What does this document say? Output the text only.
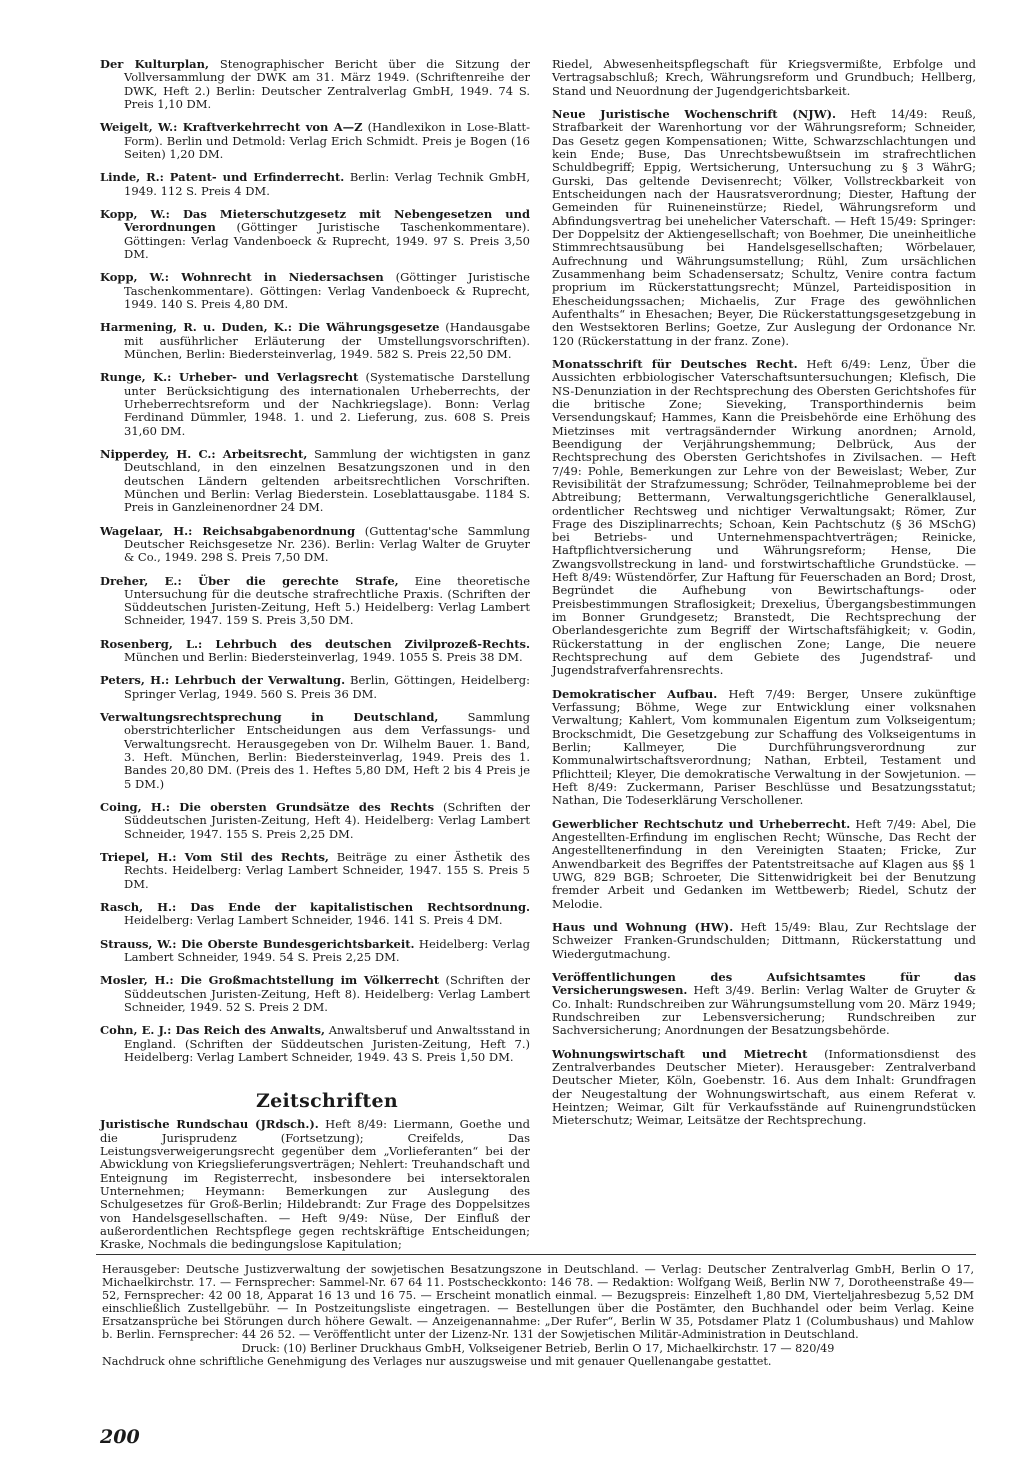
Der Kulturplan, Stenographischer Bericht über die Sitzung der Vollversammlung der DWK am 31. März 1949. (Schriftenreihe der DWK, Heft 2.) Berlin: Deutscher Zentralverlag GmbH, 1949. 74 S. Preis 1,10 DM.

Weigelt, W.: Kraftverkehrrecht von A—Z (Handlexikon in Lose-Blatt-Form). Berlin und Detmold: Verlag Erich Schmidt. Preis je Bogen (16 Seiten) 1,20 DM.

Linde, R.: Patent- und Erfinderrecht. Berlin: Verlag Technik GmbH, 1949. 112 S. Preis 4 DM.

Kopp, W.: Das Mieterschutzgesetz mit Nebengesetzen und Verordnungen (Göttinger Juristische Taschenkommentare). Göttingen: Verlag Vandenboeck & Ruprecht, 1949. 97 S. Preis 3,50 DM.

Kopp, W.: Wohnrecht in Niedersachsen (Göttinger Juristische Taschenkommentare). Göttingen: Verlag Vandenboeck & Ruprecht, 1949. 140 S. Preis 4,80 DM.

Harmening, R. u. Duden, K.: Die Währungsgesetze (Handausgabe mit ausführlicher Erläuterung der Umstellungsvorschriften). München, Berlin: Biedersteinverlag, 1949. 582 S. Preis 22,50 DM.

Runge, K.: Urheber- und Verlagsrecht (Systematische Darstellung unter Berücksichtigung des internationalen Urheberrechts, der Urheberrechtsreform und der Nachkriegslage). Bonn: Verlag Ferdinand Dümmler, 1948. 1. und 2. Lieferung, zus. 608 S. Preis 31,60 DM.

Nipperdey, H. C.: Arbeitsrecht, Sammlung der wichtigsten in ganz Deutschland, in den einzelnen Besatzungszonen und in den deutschen Ländern geltenden arbeitsrechtlichen Vorschriften. München und Berlin: Verlag Biederstein. Loseblattausgabe. 1184 S. Preis in Ganzleinenordner 24 DM.

Wagelaar, H.: Reichsabgabenordnung (Guttentag'sche Sammlung Deutscher Reichsgesetze Nr. 236). Berlin: Verlag Walter de Gruyter & Co., 1949. 298 S. Preis 7,50 DM.

Dreher, E.: Über die gerechte Strafe, Eine theoretische Untersuchung für die deutsche strafrechtliche Praxis. (Schriften der Süddeutschen Juristen-Zeitung, Heft 5.) Heidelberg: Verlag Lambert Schneider, 1947. 159 S. Preis 3,50 DM.

Rosenberg, L.: Lehrbuch des deutschen Zivilprozeß-Rechts. München und Berlin: Biedersteinverlag, 1949. 1055 S. Preis 38 DM.

Peters, H.: Lehrbuch der Verwaltung. Berlin, Göttingen, Heidelberg: Springer Verlag, 1949. 560 S. Preis 36 DM.

Verwaltungsrechtsprechung in Deutschland, Sammlung oberstrichterlicher Entscheidungen aus dem Verfassungs- und Verwaltungsrecht. Herausgegeben von Dr. Wilhelm Bauer. 1. Band, 3. Heft. München, Berlin: Biedersteinverlag, 1949. Preis des 1. Bandes 20,80 DM. (Preis des 1. Heftes 5,80 DM, Heft 2 bis 4 Preis je 5 DM.)

Coing, H.: Die obersten Grundsätze des Rechts (Schriften der Süddeutschen Juristen-Zeitung, Heft 4). Heidelberg: Verlag Lambert Schneider, 1947. 155 S. Preis 2,25 DM.

Triepel, H.: Vom Stil des Rechts, Beiträge zu einer Ästhetik des Rechts. Heidelberg: Verlag Lambert Schneider, 1947. 155 S. Preis 5 DM.

Rasch, H.: Das Ende der kapitalistischen Rechtsordnung. Heidelberg: Verlag Lambert Schneider, 1946. 141 S. Preis 4 DM.

Strauss, W.: Die Oberste Bundesgerichtsbarkeit. Heidelberg: Verlag Lambert Schneider, 1949. 54 S. Preis 2,25 DM.

Mosler, H.: Die Großmachtstellung im Völkerrecht (Schriften der Süddeutschen Juristen-Zeitung, Heft 8). Heidelberg: Verlag Lambert Schneider, 1949. 52 S. Preis 2 DM.

Cohn, E. J.: Das Reich des Anwalts, Anwaltsberuf und Anwaltsstand in England. (Schriften der Süddeutschen Juristen-Zeitung, Heft 7.) Heidelberg: Verlag Lambert Schneider, 1949. 43 S. Preis 1,50 DM.

Zeitschriften

Juristische Rundschau (JRdsch.). Heft 8/49: Liermann, Goethe und die Jurisprudenz (Fortsetzung); Creifelds, Das Leistungsverweigerungsrecht gegenüber dem „Vorlieferanten“ bei der Abwicklung von Kriegslieferungsverträgen; Nehlert: Treuhandschaft und Enteignung im Registerrecht, insbesondere bei intersektoralen Unternehmen; Heymann: Bemerkungen zur Auslegung des Schulgesetzes für Groß-Berlin; Hildebrandt: Zur Frage des Doppelsitzes von Handelsgesellschaften. — Heft 9/49: Nüse, Der Einfluß der außerordentlichen Rechtspflege gegen rechtskräftige Entscheidungen; Kraske, Nochmals die bedingungslose Kapitulation;

Riedel, Abwesenheitspflegschaft für Kriegsvermißte, Erbfolge und Vertragsabschluß; Krech, Währungsreform und Grundbuch; Hellberg, Stand und Neuordnung der Jugendgerichtsbarkeit.

Neue Juristische Wochenschrift (NJW). Heft 14/49: Reuß, Strafbarkeit der Warenhortung vor der Währungsreform; Schneider, Das Gesetz gegen Kompensationen; Witte, Schwarzschlachtungen und kein Ende; Buse, Das Unrechtsbewußtsein im strafrechtlichen Schuldbegriff; Eppig, Wertsicherung, Untersuchung zu § 3 WährG; Gurski, Das geltende Devisenrecht; Völker, Vollstreckbarkeit von Entscheidungen nach der Hausratsverordnung; Diester, Haftung der Gemeinden für Ruineneinstürze; Riedel, Währungsreform und Abfindungsvertrag bei unehelicher Vaterschaft. — Heft 15/49: Springer: Der Doppelsitz der Aktiengesellschaft; von Boehmer, Die uneinheitliche Stimmrechtsausübung bei Handelsgesellschaften; Wörbelauer, Aufrechnung und Währungsumstellung; Rühl, Zum ursächlichen Zusammenhang beim Schadensersatz; Schultz, Venire contra factum proprium im Rückerstattungsrecht; Münzel, Parteidisposition in Ehescheidungssachen; Michaelis, Zur Frage des gewöhnlichen Aufenthalts“ in Ehesachen; Beyer, Die Rückerstattungsgesetzgebung in den Westsektoren Berlins; Goetze, Zur Auslegung der Ordonance Nr. 120 (Rückerstattung in der franz. Zone).

Monatsschrift für Deutsches Recht. Heft 6/49: Lenz, Über die Aussichten erbbiologischer Vaterschaftsuntersuchungen; Klefisch, Die NS-Denunziation in der Rechtsprechung des Obersten Gerichtshofes für die britische Zone; Sieveking, Transporthindernis beim Versendungskauf; Hammes, Kann die Preisbehörde eine Erhöhung des Mietzinses mit vertragsändernder Wirkung anordnen; Arnold, Beendigung der Verjährungshemmung; Delbrück, Aus der Rechtsprechung des Obersten Gerichtshofes in Zivilsachen. — Heft 7/49: Pohle, Bemerkungen zur Lehre von der Beweislast; Weber, Zur Revisibilität der Strafzumessung; Schröder, Teilnahmeprobleme bei der Abtreibung; Bettermann, Verwaltungsgerichtliche Generalklausel, ordentlicher Rechtsweg und nichtiger Verwaltungsakt; Römer, Zur Frage des Disziplinarrechts; Schoan, Kein Pachtschutz (§ 36 MSchG) bei Betriebs- und Unternehmenspachtverträgen; Reinicke, Haftpflichtversicherung und Währungsreform; Hense, Die Zwangsvollstreckung in land- und forstwirtschaftliche Grundstücke. — Heft 8/49: Wüstendörfer, Zur Haftung für Feuerschaden an Bord; Drost, Begründet die Aufhebung von Bewirtschaftungs- oder Preisbestimmungen Straflosigkeit; Drexelius, Übergangsbestimmungen im Bonner Grundgesetz; Branstedt, Die Rechtsprechung der Oberlandesgerichte zum Begriff der Wirtschaftsfähigkeit; v. Godin, Rückerstattung in der englischen Zone; Lange, Die neuere Rechtsprechung auf dem Gebiete des Jugendstraf- und Jugendstrafverfahrensrechts.

Demokratischer Aufbau. Heft 7/49: Berger, Unsere zukünftige Verfassung; Böhme, Wege zur Entwicklung einer volksnahen Verwaltung; Kahlert, Vom kommunalen Eigentum zum Volkseigentum; Brockschmidt, Die Gesetzgebung zur Schaffung des Volkseigentums in Berlin; Kallmeyer, Die Durchführungsverordnung zur Kommunalwirtschaftsverordnung; Nathan, Erbteil, Testament und Pflichtteil; Kleyer, Die demokratische Verwaltung in der Sowjetunion. — Heft 8/49: Zuckermann, Pariser Beschlüsse und Besatzungsstatut; Nathan, Die Todeserklärung Verschollener.

Gewerblicher Rechtschutz und Urheberrecht. Heft 7/49: Abel, Die Angestellten-Erfindung im englischen Recht; Wünsche, Das Recht der Angestelltenerfindung in den Vereinigten Staaten; Fricke, Zur Anwendbarkeit des Begriffes der Patentstreitsache auf Klagen aus §§ 1 UWG, 829 BGB; Schroeter, Die Sittenwidrigkeit bei der Benutzung fremder Arbeit und Gedanken im Wettbewerb; Riedel, Schutz der Melodie.

Haus und Wohnung (HW). Heft 15/49: Blau, Zur Rechtslage der Schweizer Franken-Grundschulden; Dittmann, Rückerstattung und Wiedergutmachung.

Veröffentlichungen des Aufsichtsamtes für das Versicherungswesen. Heft 3/49. Berlin: Verlag Walter de Gruyter & Co. Inhalt: Rundschreiben zur Währungsumstellung vom 20. März 1949; Rundschreiben zur Lebensversicherung; Rundschreiben zur Sachversicherung; Anordnungen der Besatzungsbehörde.

Wohnungswirtschaft und Mietrecht (Informationsdienst des Zentralverbandes Deutscher Mieter). Herausgeber: Zentralverband Deutscher Mieter, Köln, Goebenstr. 16. Aus dem Inhalt: Grundfragen der Neugestaltung der Wohnungswirtschaft, aus einem Referat v. Heintzen; Weimar, Gilt für Verkaufsstände auf Ruinengrundstücken Mieterschutz; Weimar, Leitsätze der Rechtsprechung.

Herausgeber: Deutsche Justizverwaltung der sowjetischen Besatzungszone in Deutschland. — Verlag: Deutscher Zentralverlag GmbH, Berlin O 17, Michaelkirchstr. 17. — Fernsprecher: Sammel-Nr. 67 64 11. Postscheckkonto: 146 78. — Redaktion: Wolfgang Weiß, Berlin NW 7, Dorotheenstraße 49—52, Fernsprecher: 42 00 18, Apparat 16 13 und 16 75. — Erscheint monatlich einmal. — Bezugspreis: Einzelheft 1,80 DM, Vierteljahresbezug 5,52 DM einschließlich Zustellgebühr. — In Postzeitungsliste eingetragen. — Bestellungen über die Postämter, den Buchhandel oder beim Verlag. Keine Ersatzansprüche bei Störungen durch höhere Gewalt. — Anzeigenannahme: „Der Rufer“, Berlin W 35, Potsdamer Platz 1 (Columbushaus) und Mahlow b. Berlin. Fernsprecher: 44 26 52. — Veröffentlicht unter der Lizenz-Nr. 131 der Sowjetischen Militär-Administration in Deutschland.
Druck: (10) Berliner Druckhaus GmbH, Volkseigener Betrieb, Berlin O 17, Michaelkirchstr. 17 — 820/49
Nachdruck ohne schriftliche Genehmigung des Verlages nur auszugsweise und mit genauer Quellenangabe gestattet.
200
